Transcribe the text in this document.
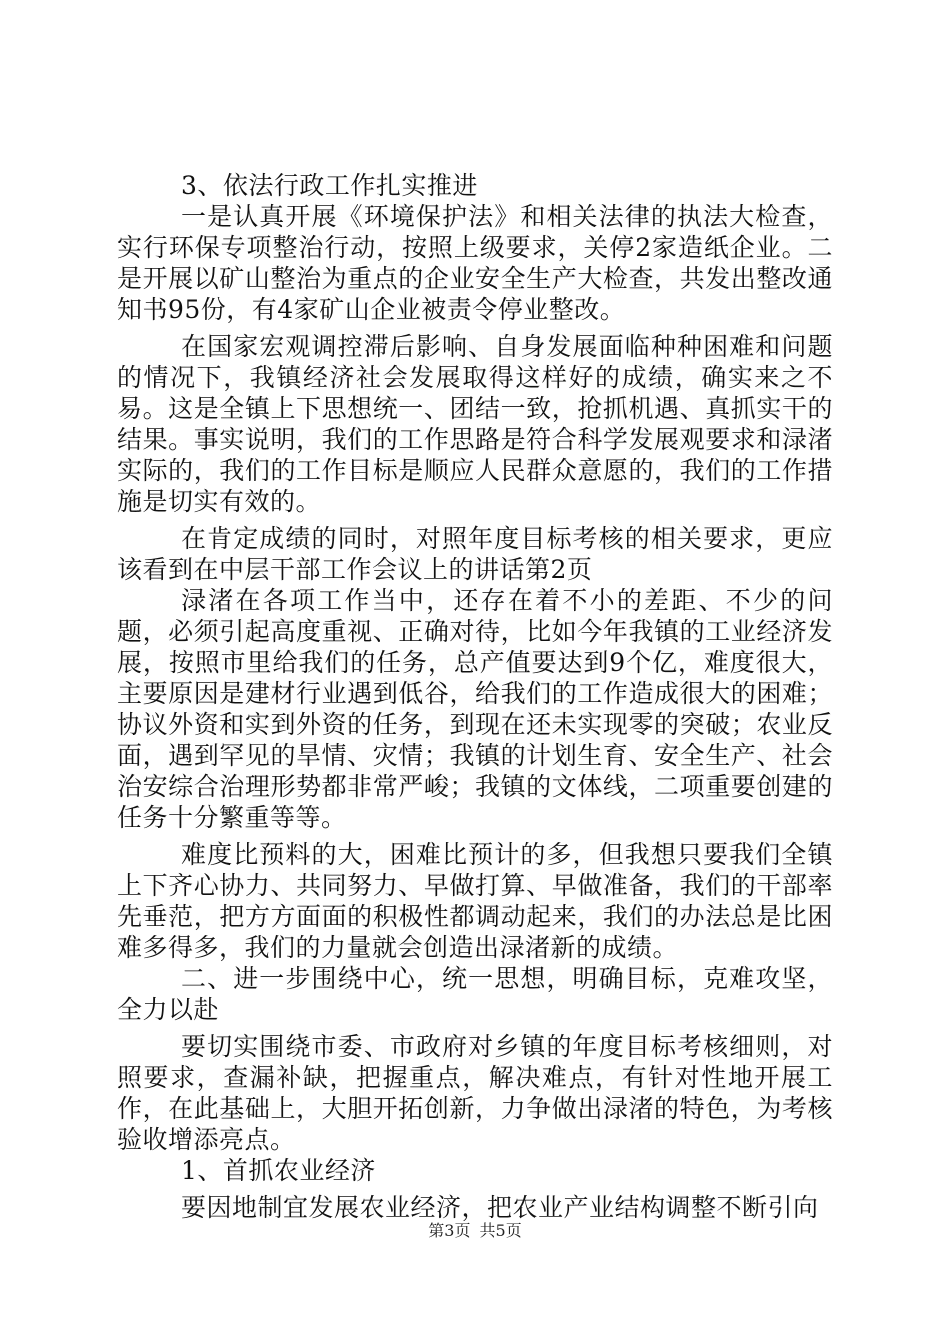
3、依法行政工作扎实推进

一是认真开展《环境保护法》和相关法律的执法大检查，实行环保专项整治行动，按照上级要求，关停2家造纸企业。二是开展以矿山整治为重点的企业安全生产大检查，共发出整改通知书95份，有4家矿山企业被责令停业整改。

在国家宏观调控滞后影响、自身发展面临种种困难和问题的情况下，我镇经济社会发展取得这样好的成绩，确实来之不易。这是全镇上下思想统一、团结一致，抢抓机遇、真抓实干的结果。事实说明，我们的工作思路是符合科学发展观要求和渌渚实际的，我们的工作目标是顺应人民群众意愿的，我们的工作措施是切实有效的。

在肯定成绩的同时，对照年度目标考核的相关要求，更应该看到在中层干部工作会议上的讲话第2页

渌渚在各项工作当中，还存在着不小的差距、不少的问题，必须引起高度重视、正确对待，比如今年我镇的工业经济发展，按照市里给我们的任务，总产值要达到9个亿，难度很大，主要原因是建材行业遇到低谷，给我们的工作造成很大的困难；协议外资和实到外资的任务，到现在还未实现零的突破；农业反面，遇到罕见的旱情、灾情；我镇的计划生育、安全生产、社会治安综合治理形势都非常严峻；我镇的文体线，二项重要创建的任务十分繁重等等。

难度比预料的大，困难比预计的多，但我想只要我们全镇上下齐心协力、共同努力、早做打算、早做准备，我们的干部率先垂范，把方方面面的积极性都调动起来，我们的办法总是比困难多得多，我们的力量就会创造出渌渚新的成绩。

二、进一步围绕中心，统一思想，明确目标，克难攻坚，全力以赴

要切实围绕市委、市政府对乡镇的年度目标考核细则，对照要求，查漏补缺，把握重点，解决难点，有针对性地开展工作，在此基础上，大胆开拓创新，力争做出渌渚的特色，为考核验收增添亮点。

1、首抓农业经济

要因地制宜发展农业经济，把农业产业结构调整不断引向

第3页 共5页
